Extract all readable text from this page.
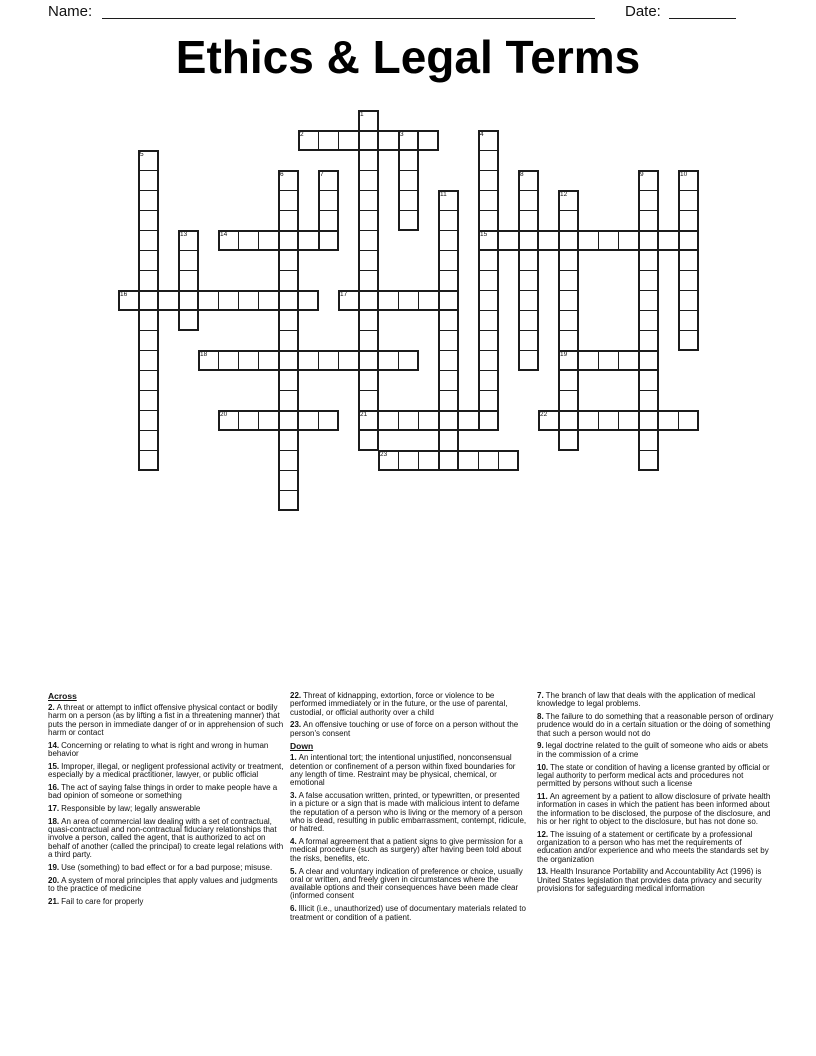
Name:	Date:
Ethics & Legal Terms
1
21
2	3	4
15
5
6	7	8	9	10
11	12
19
13	14
16	17
18
20	22
23
Across

2. A threat or attempt to inflict offensive physical contact or bodily harm on a person (as by lifting a fist in a threatening manner) that puts the person in immediate danger of or in apprehension of such harm or contact

14. Concerning or relating to what is right and wrong in human behavior

15. Improper, illegal, or negligent professional activity or treatment, especially by a medical practitioner, lawyer, or public official

16. The act of saying false things in order to make people have a bad opinion of someone or something

17. Responsible by law; legally answerable

18. An area of commercial law dealing with a set of contractual, quasi-contractual and non-contractual fiduciary relationships that involve a person, called the agent, that is authorized to act on behalf of another (called the principal) to create legal relations with a third party.

19. Use (something) to bad effect or for a bad purpose; misuse.

20. A system of moral principles that apply values and judgments to the practice of medicine

21. Fail to care for properly

22. Threat of kidnapping, extortion, force or violence to be performed immediately or in the future, or the use of parental, custodial, or official authority over a child

23. An offensive touching or use of force on a person without the person's consent

Down

1. An intentional tort; the intentional unjustified, nonconsensual detention or confinement of a person within fixed boundaries for any length of time. Restraint may be physical, chemical, or emotional

3. A false accusation written, printed, or typewritten, or presented in a picture or a sign that is made with malicious intent to defame the reputation of a person who is living or the memory of a person who is dead, resulting in public embarrassment, contempt, ridicule, or hatred.

4. A formal agreement that a patient signs to give permission for a medical procedure (such as surgery) after having been told about the risks, benefits, etc.

5. A clear and voluntary indication of preference or choice, usually oral or written, and freely given in circumstances where the available options and their consequences have been made clear (informed consent

6. Illicit (i.e., unauthorized) use of documentary materials related to treatment or condition of a patient.

7. The branch of law that deals with the application of medical knowledge to legal problems.

8. The failure to do something that a reasonable person of ordinary prudence would do in a certain situation or the doing of something that such a person would not do

9. legal doctrine related to the guilt of someone who aids or abets in the commission of a crime

10. The state or condition of having a license granted by official or legal authority to perform medical acts and procedures not permitted by persons without such a license

11. An agreement by a patient to allow disclosure of private health information in cases in which the patient has been informed about the information to be disclosed, the purpose of the disclosure, and his or her right to object to the disclosure, but has not done so.

12. The issuing of a statement or certificate by a professional organization to a person who has met the requirements of education and/or experience and who meets the standards set by the organization

13. Health Insurance Portability and Accountability Act (1996) is United States legislation that provides data privacy and security provisions for safeguarding medical information
